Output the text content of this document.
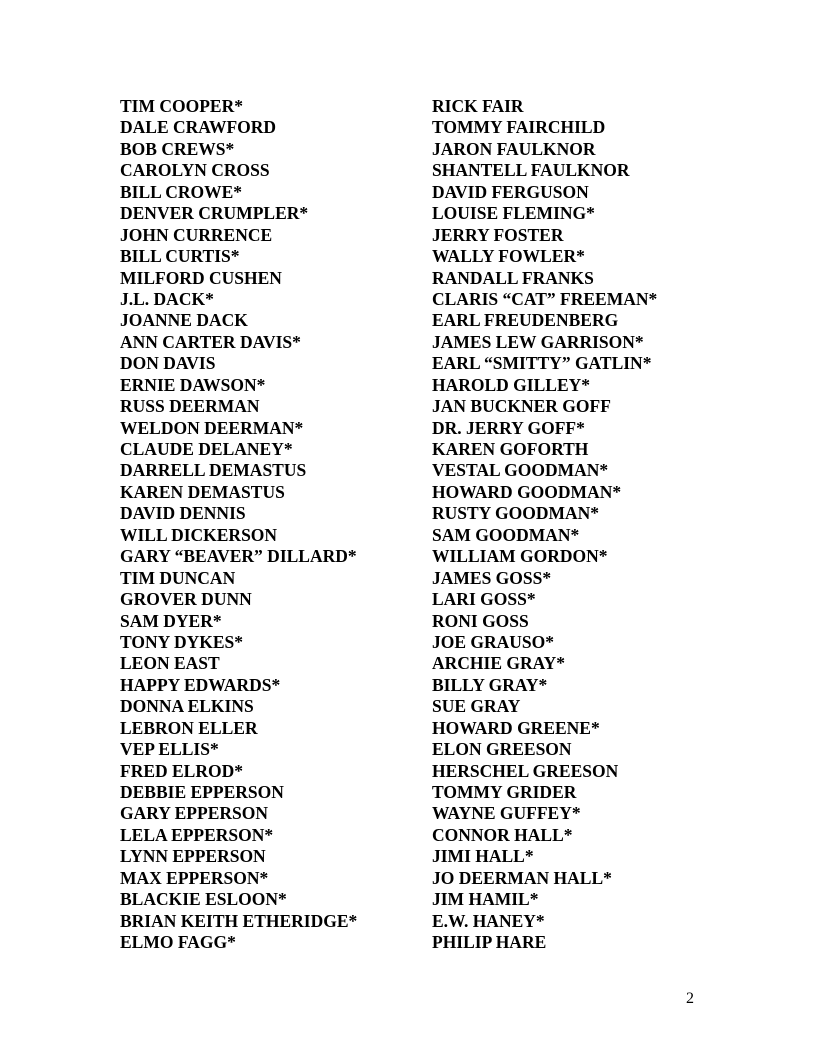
TIM COOPER*
DALE CRAWFORD
BOB CREWS*
CAROLYN CROSS
BILL CROWE*
DENVER CRUMPLER*
JOHN CURRENCE
BILL CURTIS*
MILFORD CUSHEN
J.L. DACK*
JOANNE DACK
ANN CARTER DAVIS*
DON DAVIS
ERNIE DAWSON*
RUSS DEERMAN
WELDON DEERMAN*
CLAUDE DELANEY*
DARRELL DEMASTUS
KAREN DEMASTUS
DAVID DENNIS
WILL DICKERSON
GARY “BEAVER” DILLARD*
TIM DUNCAN
GROVER DUNN
SAM DYER*
TONY DYKES*
LEON EAST
HAPPY EDWARDS*
DONNA ELKINS
LEBRON ELLER
VEP ELLIS*
FRED ELROD*
DEBBIE EPPERSON
GARY EPPERSON
LELA EPPERSON*
LYNN EPPERSON
MAX EPPERSON*
BLACKIE ESLOON*
BRIAN KEITH ETHERIDGE*
ELMO FAGG*
RICK FAIR
TOMMY FAIRCHILD
JARON FAULKNOR
SHANTELL FAULKNOR
DAVID FERGUSON
LOUISE FLEMING*
JERRY FOSTER
WALLY FOWLER*
RANDALL FRANKS
CLARIS “CAT” FREEMAN*
EARL FREUDENBERG
JAMES LEW GARRISON*
EARL “SMITTY” GATLIN*
HAROLD GILLEY*
JAN BUCKNER GOFF
DR. JERRY GOFF*
KAREN GOFORTH
VESTAL GOODMAN*
HOWARD GOODMAN*
RUSTY GOODMAN*
SAM GOODMAN*
WILLIAM GORDON*
JAMES GOSS*
LARI GOSS*
RONI GOSS
JOE GRAUSO*
ARCHIE GRAY*
BILLY GRAY*
SUE GRAY
HOWARD GREENE*
ELON GREESON
HERSCHEL GREESON
TOMMY GRIDER
WAYNE GUFFEY*
CONNOR HALL*
JIMI HALL*
JO DEERMAN HALL*
JIM HAMIL*
E.W. HANEY*
PHILIP HARE
2
